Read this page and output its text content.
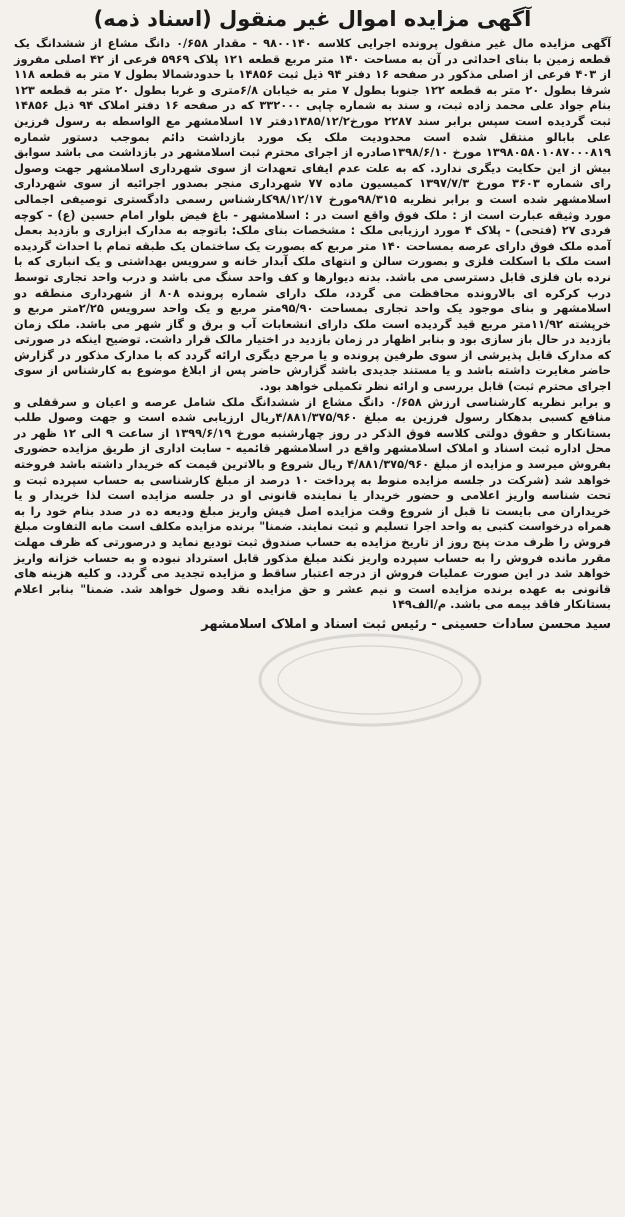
آگهی مزایده اموال غیر منقول (اسناد ذمه)

آگهی مزایده مال غیر منقول پرونده اجرایی کلاسه ۹۸۰۰۱۴۰ - مقدار ۰/۶۵۸ دانگ مشاع از ششدانگ یک قطعه زمین با بنای احداثی در آن به مساحت ۱۴۰ متر مربع قطعه ۱۲۱ پلاک ۵۹۶۹ فرعی از ۴۲ اصلی مفروز از ۴۰۳ فرعی از اصلی مذکور در صفحه ۱۶ دفتر ۹۴ ذیل ثبت ۱۴۸۵۶ با حدودشمالا بطول ۷ متر به قطعه ۱۱۸ شرقا بطول ۲۰ متر به قطعه ۱۲۲ جنوبا بطول ۷ متر به خیابان ۶/۸متری و غربا بطول ۲۰ متر به قطعه ۱۲۳ بنام جواد علی محمد زاده ثبت، و سند به شماره چاپی ۳۳۲۰۰۰ که در صفحه ۱۶ دفتر املاک ۹۴ ذیل ۱۴۸۵۶ ثبت گردیده است سپس برابر سند ۲۲۸۷ مورخ۱۳۸۵/۱۲/۲دفتر ۱۷ اسلامشهر مع الواسطه به رسول فرزین علی بابالو منتقل شده است محدودیت ملک یک مورد بازداشت دائم بموجب دستور شماره ۱۳۹۸۰۵۸۰۱۰۸۷۰۰۰۸۱۹ مورخ ۱۳۹۸/۶/۱۰صادره از اجرای محترم ثبت اسلامشهر در بازداشت می باشد سوابق بیش از این حکایت دیگری ندارد. که به علت عدم ایفای تعهدات از سوی شهرداری اسلامشهر جهت وصول رای شماره ۳۶۰۳ مورخ ۱۳۹۷/۷/۳ کمیسیون ماده ۷۷ شهرداری منجر بصدور اجرائیه از سوی شهرداری اسلامشهر شده است و برابر نظریه ۹۸/۳۱۵مورخ ۹۸/۱۲/۱۷کارشناس رسمی دادگستری توصیفی اجمالی مورد وثیقه عبارت است از : ملک فوق واقع است در : اسلامشهر - باغ فیض بلوار امام حسین (ع) - کوچه فردی ۲۷ (فتحی) - پلاک ۴ مورد ارزیابی ملک : مشخصات بنای ملک: باتوجه به مدارک ابزاری و بازدید بعمل آمده ملک فوق دارای عرصه بمساحت ۱۴۰ متر مربع که بصورت یک ساختمان یک طبقه تمام با احداث گردیده است ملک با اسکلت فلزی و بصورت سالن و انتهای ملک آبدار خانه و سرویس بهداشتی و یک انباری که با نرده بان فلزی قابل دسترسی می باشد. بدنه دیوارها و کف واحد سنگ می باشد و درب واحد تجاری توسط درب کرکره ای بالارونده محافظت می گردد، ملک دارای شماره پرونده ۸۰۸ از شهرداری منطقه دو اسلامشهر و بنای موجود یک واحد تجاری بمساحت ۹۵/۹۰متر مربع و یک واحد سرویس ۲/۲۵متر مربع و خرپشته ۱۱/۹۲متر مربع قید گردیده است ملک دارای انشعابات آب و برق و گاز شهر می باشد. ملک زمان بازدید در حال باز سازی بود و بنابر اظهار در زمان بازدید در اختیار مالک قرار داشت. توضیح اینکه در صورتی که مدارک قابل پذیرشی از سوی طرفین پرونده و یا مرجع دیگری ارائه گردد که با مدارک مذکور در گزارش حاضر مغایرت داشته باشد و یا مستند جدیدی باشد گزارش حاضر پس از ابلاغ موضوع به کارشناس از سوی اجرای محترم ثبت) قابل بررسی و ارائه نظر تکمیلی خواهد بود.

و برابر نظریه کارشناسی ارزش ۰/۶۵۸ دانگ مشاع از ششدانگ ملک شامل عرصه و اعیان و سرقفلی و منافع کسبی بدهکار رسول فرزین به مبلغ ۴/۸۸۱/۳۷۵/۹۶۰ریال ارزیابی شده است و جهت وصول طلب بستانکار و حقوق دولتی کلاسه فوق الذکر در روز چهارشنبه مورخ ۱۳۹۹/۶/۱۹ از ساعت ۹ الی ۱۲ ظهر در محل اداره ثبت اسناد و املاک اسلامشهر واقع در اسلامشهر قائمیه - سایت اداری از طریق مزایده حضوری بفروش میرسد و مزایده از مبلغ ۴/۸۸۱/۳۷۵/۹۶۰ ریال شروع و بالاترین قیمت که خریدار داشته باشد فروخته خواهد شد (شرکت در جلسه مزایده منوط به پرداخت ۱۰ درصد از مبلغ کارشناسی به حساب سپرده ثبت و تحت شناسه واریز اعلامی و حضور خریدار یا نماینده قانونی او در جلسه مزایده است لذا خریدار و یا خریداران می بایست تا قبل از شروع وقت مزایده اصل فیش واریز مبلغ ودیعه ده در صدد بنام خود را به همراه درخواست کتبی به واحد اجرا تسلیم و ثبت نمایند. ضمنا" برنده مزایده مکلف است مابه التفاوت مبلغ فروش را ظرف مدت پنج روز از تاریخ مزایده به حساب صندوق ثبت تودیع نماید و درصورتی که ظرف مهلت مقرر مانده فروش را به حساب سپرده واریز نکند مبلغ مذکور قابل استرداد نبوده و به حساب خزانه واریز خواهد شد در این صورت عملیات فروش از درجه اعتبار ساقط و مزایده تجدید می گردد. و کلیه هزینه های قانونی به عهده برنده مزایده است و نیم عشر و حق مزایده نقد وصول خواهد شد. ضمنا" بنابر اعلام بستانکار فاقد بیمه می باشد. م/الف۱۴۹

سید محسن سادات حسینی - رئیس ثبت اسناد و املاک اسلامشهر
